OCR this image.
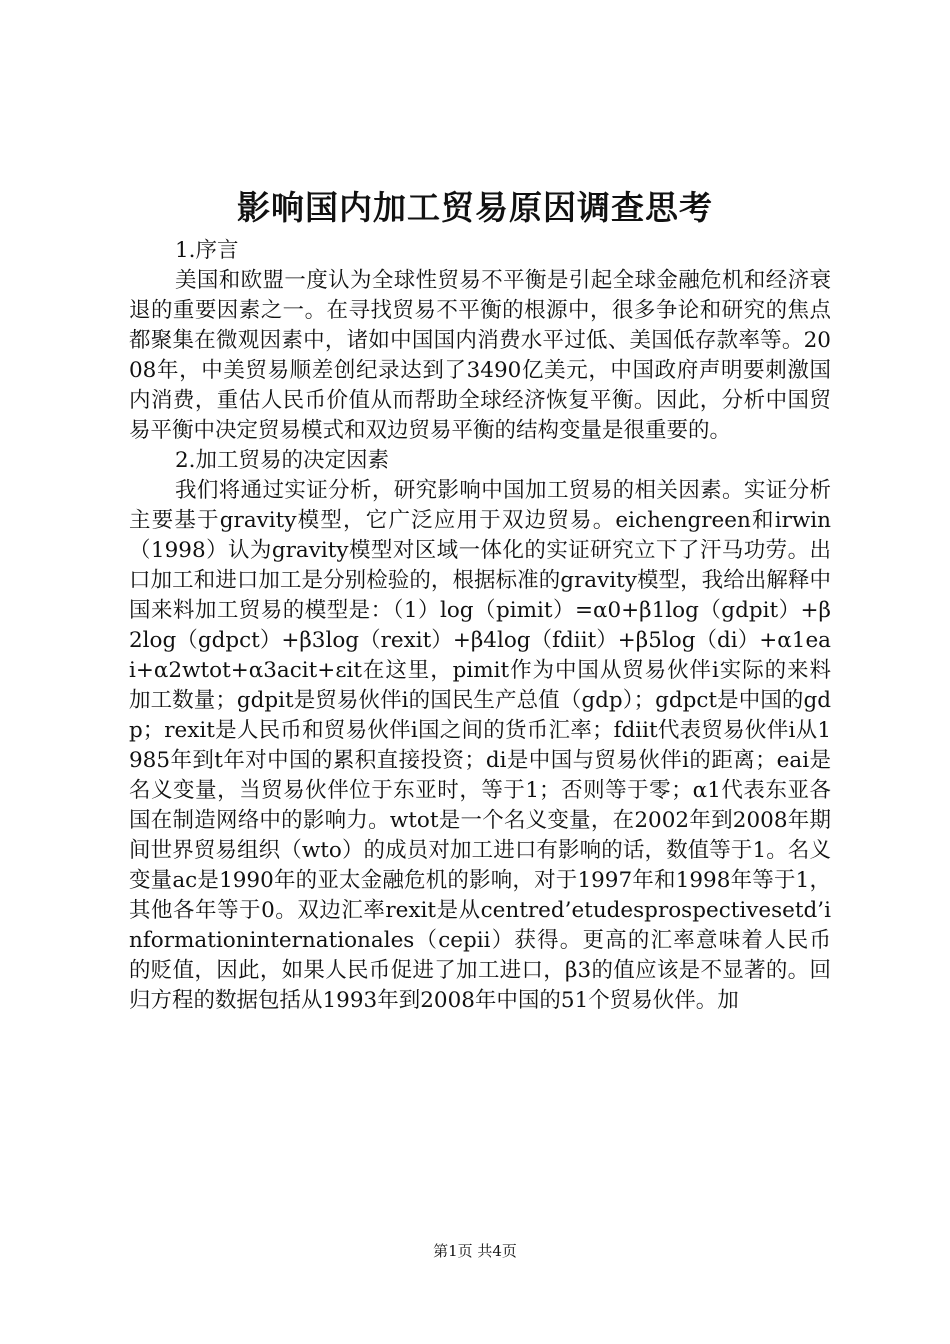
影响国内加工贸易原因调查思考

1.序言

美国和欧盟一度认为全球性贸易不平衡是引起全球金融危机和经济衰退的重要因素之一。在寻找贸易不平衡的根源中，很多争论和研究的焦点都聚集在微观因素中，诸如中国国内消费水平过低、美国低存款率等。2008年，中美贸易顺差创纪录达到了3490亿美元，中国政府声明要刺激国内消费，重估人民币价值从而帮助全球经济恢复平衡。因此，分析中国贸易平衡中决定贸易模式和双边贸易平衡的结构变量是很重要的。

2.加工贸易的决定因素

我们将通过实证分析，研究影响中国加工贸易的相关因素。实证分析主要基于gravity模型，它广泛应用于双边贸易。eichengreen和irwin（1998）认为gravity模型对区域一体化的实证研究立下了汗马功劳。出口加工和进口加工是分别检验的，根据标准的gravity模型，我给出解释中国来料加工贸易的模型是：（1）log（pimit）=α0+β1log（gdpit）+β2log（gdpct）+β3log（rexit）+β4log（fdiit）+β5log（di）+α1eai+α2wtot+α3acit+εit在这里，pimit作为中国从贸易伙伴i实际的来料加工数量；gdpit是贸易伙伴i的国民生产总值（gdp）；gdpct是中国的gdp；rexit是人民币和贸易伙伴i国之间的货币汇率；fdiit代表贸易伙伴i从1985年到t年对中国的累积直接投资；di是中国与贸易伙伴i的距离；eai是名义变量，当贸易伙伴位于东亚时，等于1；否则等于零；α1代表东亚各国在制造网络中的影响力。wtot是一个名义变量，在2002年到2008年期间世界贸易组织（wto）的成员对加工进口有影响的话，数值等于1。名义变量ac是1990年的亚太金融危机的影响，对于1997年和1998年等于1，其他各年等于0。双边汇率rexit是从centred’etudesprospectivesetd’informationinternationales（cepii）获得。更高的汇率意味着人民币的贬值，因此，如果人民币促进了加工进口，β3的值应该是不显著的。回归方程的数据包括从1993年到2008年中国的51个贸易伙伴。加

第1页 共4页
